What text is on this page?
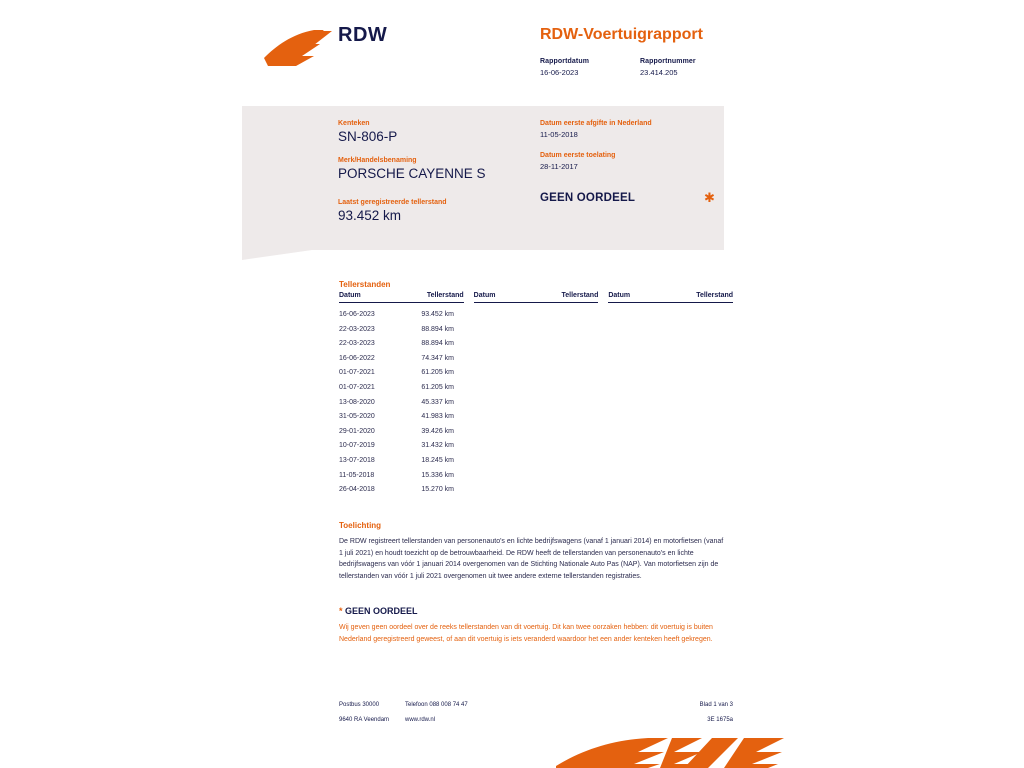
RDW	RDW-Voertuigrapport
Rapportdatum
16-06-2023
Rapportnummer
23.414.205
Kenteken
SN-806-P
Merk/Handelsbenaming
PORSCHE CAYENNE S
Laatst geregistreerde tellerstand
93.452 km
Datum eerste afgifte in Nederland
11-05-2018
Datum eerste toelating
28-11-2017
GEEN OORDEEL	✱
Tellerstanden
Datum	Tellerstand Datum	Tellerstand Datum	Tellerstand
16-06-2023	93.452 km
22-03-2023	88.894 km
22-03-2023	88.894 km
16-06-2022	74.347 km
01-07-2021	61.205 km
01-07-2021	61.205 km
13-08-2020	45.337 km
31-05-2020	41.983 km
29-01-2020	39.426 km
10-07-2019	31.432 km
13-07-2018	18.245 km
11-05-2018	15.336 km
26-04-2018	15.270 km
Toelichting
De RDW registreert tellerstanden van personenauto's en lichte bedrijfswagens (vanaf 1 januari 2014) en motorfietsen (vanaf 1 juli 2021) en houdt toezicht op de betrouwbaarheid. De RDW heeft de tellerstanden van personenauto's en lichte bedrijfswagens van vóór 1 januari 2014 overgenomen van de Stichting Nationale Auto Pas (NAP). Van motorfietsen zijn de tellerstanden van vóór 1 juli 2021 overgenomen uit twee andere externe tellerstanden registraties.
* GEEN OORDEEL
Wij geven geen oordeel over de reeks tellerstanden van dit voertuig. Dit kan twee oorzaken hebben: dit voertuig is buiten Nederland geregistreerd geweest, of aan dit voertuig is iets veranderd waardoor het een ander kenteken heeft gekregen.
Postbus 30000	Telefoon 088 008 74 47	Blad 1 van 3
9640 RA Veendam	www.rdw.nl	3E 1675a
